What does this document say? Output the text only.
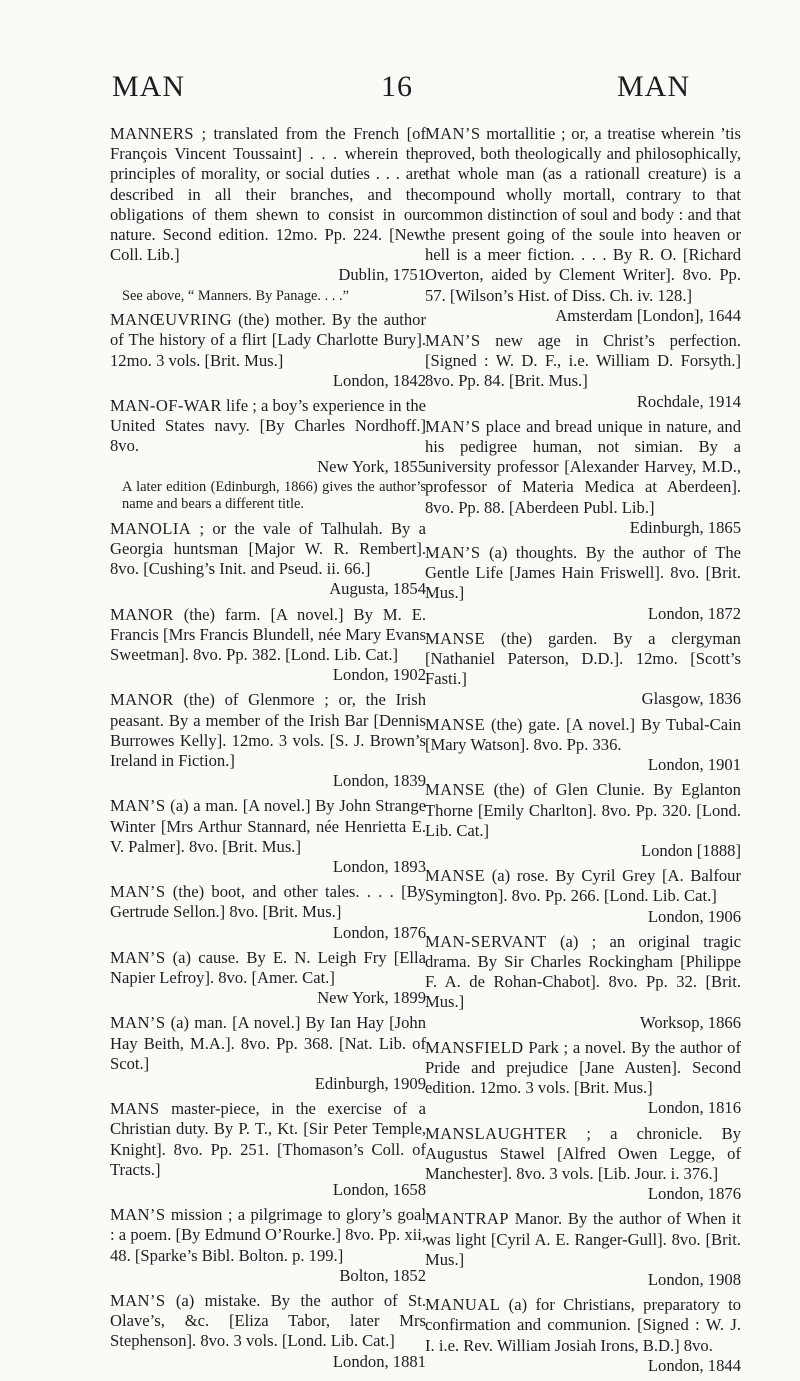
MAN	16	MAN
MANNERS ; translated from the French [of François Vincent Toussaint] . . . wherein the principles of morality, or social duties . . . are described in all their branches, and the obligations of them shewn to consist in our nature. Second edition. 12mo. Pp. 224. [New Coll. Lib.]
Dublin, 1751
See above, “ Manners. By Panage. . . .”
MANŒUVRING (the) mother. By the author of The history of a flirt [Lady Charlotte Bury]. 12mo. 3 vols. [Brit. Mus.]
London, 1842
MAN-OF-WAR life ; a boy’s experience in the United States navy. [By Charles Nordhoff.] 8vo.
New York, 1855
A later edition (Edinburgh, 1866) gives the author’s name and bears a different title.
MANOLIA ; or the vale of Talhulah. By a Georgia huntsman [Major W. R. Rembert]. 8vo. [Cushing’s Init. and Pseud. ii. 66.]
Augusta, 1854
MANOR (the) farm. [A novel.] By M. E. Francis [Mrs Francis Blundell, née Mary Evans Sweetman]. 8vo. Pp. 382. [Lond. Lib. Cat.]
London, 1902
MANOR (the) of Glenmore ; or, the Irish peasant. By a member of the Irish Bar [Dennis Burrowes Kelly]. 12mo. 3 vols. [S. J. Brown’s Ireland in Fiction.]
London, 1839
MAN’S (a) a man. [A novel.] By John Strange Winter [Mrs Arthur Stannard, née Henrietta E. V. Palmer]. 8vo. [Brit. Mus.]
London, 1893
MAN’S (the) boot, and other tales. . . . [By Gertrude Sellon.] 8vo. [Brit. Mus.]
London, 1876
MAN’S (a) cause. By E. N. Leigh Fry [Ella Napier Lefroy]. 8vo. [Amer. Cat.]
New York, 1899
MAN’S (a) man. [A novel.] By Ian Hay [John Hay Beith, M.A.]. 8vo. Pp. 368. [Nat. Lib. of Scot.]
Edinburgh, 1909
MANS master-piece, in the exercise of a Christian duty. By P. T., Kt. [Sir Peter Temple, Knight]. 8vo. Pp. 251. [Thomason’s Coll. of Tracts.]
London, 1658
MAN’S mission ; a pilgrimage to glory’s goal : a poem. [By Edmund O’Rourke.] 8vo. Pp. xii, 48. [Sparke’s Bibl. Bolton. p. 199.]
Bolton, 1852
MAN’S (a) mistake. By the author of St. Olave’s, &c. [Eliza Tabor, later Mrs Stephenson]. 8vo. 3 vols. [Lond. Lib. Cat.]
London, 1881
MAN’S mortallitie ; or, a treatise wherein ’tis proved, both theologically and philosophically, that whole man (as a rationall creature) is a compound wholly mortall, contrary to that common distinction of soul and body : and that the present going of the soule into heaven or hell is a meer fiction. . . . By R. O. [Richard Overton, aided by Clement Writer]. 8vo. Pp. 57. [Wilson’s Hist. of Diss. Ch. iv. 128.]
Amsterdam [London], 1644
MAN’S new age in Christ’s perfection. [Signed : W. D. F., i.e. William D. Forsyth.] 8vo. Pp. 84. [Brit. Mus.]
Rochdale, 1914
MAN’S place and bread unique in nature, and his pedigree human, not simian. By a university professor [Alexander Harvey, M.D., professor of Materia Medica at Aberdeen]. 8vo. Pp. 88. [Aberdeen Publ. Lib.]
Edinburgh, 1865
MAN’S (a) thoughts. By the author of The Gentle Life [James Hain Friswell]. 8vo. [Brit. Mus.]
London, 1872
MANSE (the) garden. By a clergyman [Nathaniel Paterson, D.D.]. 12mo. [Scott’s Fasti.]
Glasgow, 1836
MANSE (the) gate. [A novel.] By Tubal-Cain [Mary Watson]. 8vo. Pp. 336.
London, 1901
MANSE (the) of Glen Clunie. By Eglanton Thorne [Emily Charlton]. 8vo. Pp. 320. [Lond. Lib. Cat.]
London [1888]
MANSE (a) rose. By Cyril Grey [A. Balfour Symington]. 8vo. Pp. 266. [Lond. Lib. Cat.]
London, 1906
MAN-SERVANT (a) ; an original tragic drama. By Sir Charles Rockingham [Philippe F. A. de Rohan-Chabot]. 8vo. Pp. 32. [Brit. Mus.]
Worksop, 1866
MANSFIELD Park ; a novel. By the author of Pride and prejudice [Jane Austen]. Second edition. 12mo. 3 vols. [Brit. Mus.]
London, 1816
MANSLAUGHTER ; a chronicle. By Augustus Stawel [Alfred Owen Legge, of Manchester]. 8vo. 3 vols. [Lib. Jour. i. 376.]
London, 1876
MANTRAP Manor. By the author of When it was light [Cyril A. E. Ranger-Gull]. 8vo. [Brit. Mus.]
London, 1908
MANUAL (a) for Christians, preparatory to confirmation and communion. [Signed : W. J. I. i.e. Rev. William Josiah Irons, B.D.] 8vo.
London, 1844
